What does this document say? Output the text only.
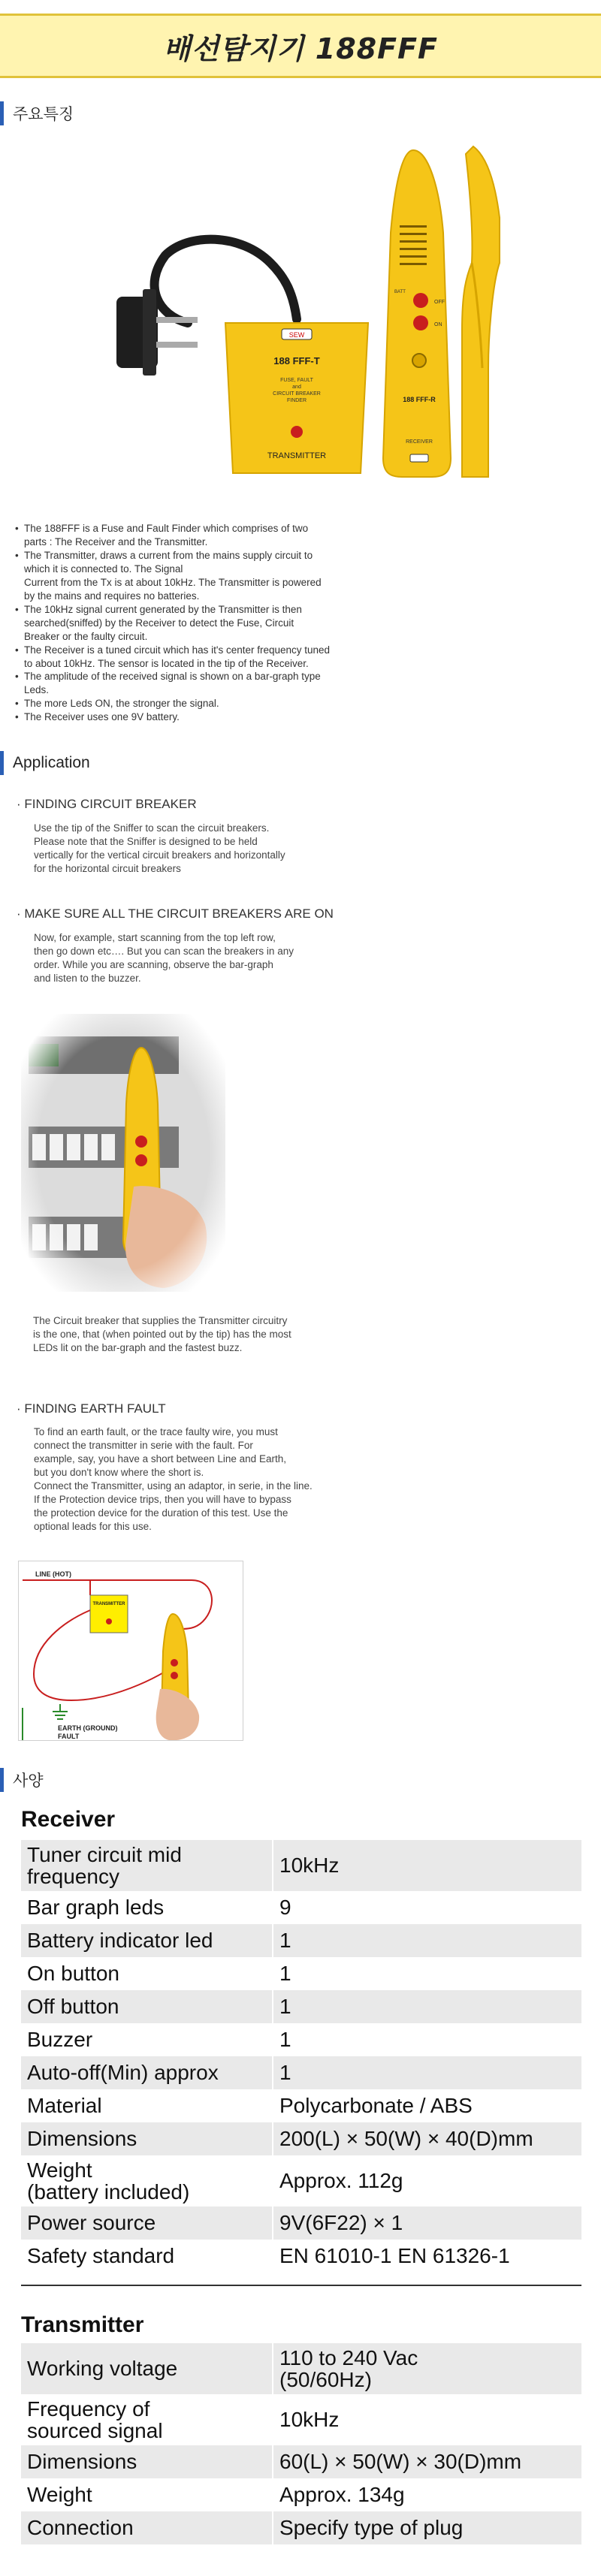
배선탐지기 188FFF
주요특징
SEW
188 FFF-T
FUSE, FAULT
and
CIRCUIT BREAKER
FINDER
TRANSMITTER
BATT
OFF
ON
188 FFF-R
RECEIVER
• The 188FFF is a Fuse and Fault Finder which comprises of two
parts : The Receiver and the Transmitter.
• The Transmitter, draws a current from the mains supply circuit to
which it is connected to. The Signal
Current from the Tx is at about 10kHz. The Transmitter is powered
by the mains and requires no batteries.
• The 10kHz signal current generated by the Transmitter is then
searched(sniffed) by the Receiver to detect the Fuse, Circuit
Breaker or the faulty circuit.
• The Receiver is a tuned circuit which has it's center frequency tuned
to about 10kHz. The sensor is located in the tip of the Receiver.
• The amplitude of the received signal is shown on a bar-graph type
Leds.
• The more Leds ON, the stronger the signal.
• The Receiver uses one 9V battery.
Application
· FINDING CIRCUIT BREAKER
Use the tip of the Sniffer to scan the circuit breakers.
Please note that the Sniffer is designed to be held
vertically for the vertical circuit breakers and horizontally
for the horizontal circuit breakers
· MAKE SURE ALL THE CIRCUIT BREAKERS ARE ON
Now, for example, start scanning from the top left row,
then go down etc…. But you can scan the breakers in any
order. While you are scanning, observe the bar-graph
and listen to the buzzer.
The Circuit breaker that supplies the Transmitter circuitry
is the one, that (when pointed out by the tip) has the most
LEDs lit on the bar-graph and the fastest buzz.
· FINDING EARTH FAULT
To find an earth fault, or the trace faulty wire, you must
connect the transmitter in serie with the fault. For
example, say, you have a short between Line and Earth,
but you don't know where the short is.
Connect the Transmitter, using an adaptor, in serie, in the line.
If the Protection device trips, then you will have to bypass
the protection device for the duration of this test. Use the
optional leads for this use.
LINE (HOT)
TRANSMITTER
EARTH (GROUND)
FAULT
사양
Receiver
Tuner circuit mid frequency	10kHz
Bar graph leds	9
Battery indicator led	1
On button	1
Off button	1
Buzzer	1
Auto-off(Min) approx	1
Material	Polycarbonate / ABS
Dimensions	200(L) × 50(W) × 40(D)mm
Weight
(battery included)	Approx. 112g
Power source	9V(6F22) × 1
Safety standard	EN 61010-1 EN 61326-1
Transmitter
Working voltage	110 to 240 Vac
(50/60Hz)
Frequency of
sourced signal	10kHz
Dimensions	60(L) × 50(W) × 30(D)mm
Weight	Approx. 134g
Connection	Specify type of plug
